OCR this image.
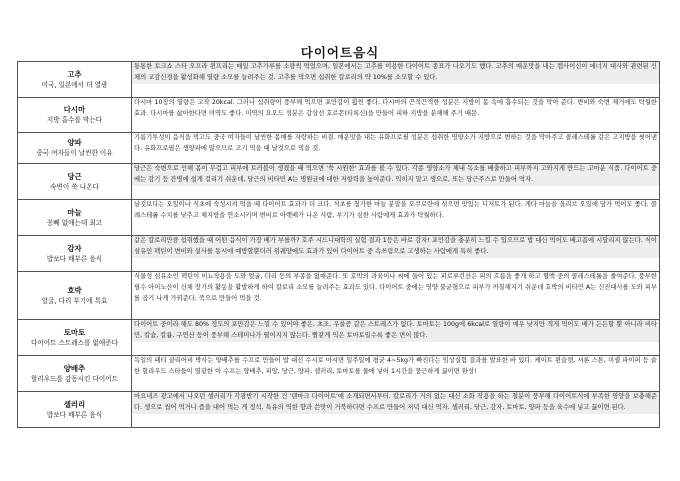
다이어트음식
고추
미국, 일본에서 더 열광	통통한 토크쇼 스타 오프라 윈프리는 매일 고추가루를 소량씩 먹었으며, 일본에서는 고추를 이용한 다이어트 종표가 나오기도 했다. 고추의 매운맛을 내는 캡사이신이 에너지 대사와 관련된 신체의 교감신경을 활성화해 열량 소모를 늘려주는 것. 고추를 먹으면 섭취한 칼로리의 약 10%를 소모할 수 있다.

다시마
지방 흡수를 막는다	다시마 10장의 열량은 고작 20kcal. 그러나 섭취량이 풍부해 먹으면 포만감이 훨씬 좋다. 다시마의 끈적끈적한 성분은 지방이 몸 속에 흡수되는 것을 막아 준다. 변비와 숙변 제거에도 탁월한 효과. 다시마를 삶아한다면 미역도 좋다. 미역의 요오드 성분은 갑상선 호르몬(티록신)을 만들어 피하 지방을 분해해 주기 때문.

양파
중국 여자들이 날씬한 이유	기름기투성이 음식을 먹고도 중국 여자들이 날씬한 몸매를 자랑하는 비결. 매운맛을 내는 유화프로필 성분은 섭취한 영양소가 지방으로 변하는 것을 막아주고 콜레스테롤 같은 고지방을 씻어낸다. 유화프로필은 생양파에 많으므로 고기 먹을 때 날것으로 먹을 것.

당근
숙변이 쑥 나온다	당근은 숙변으로 인해 몸이 무겁고 피부에 트러블이 생겼을 때 먹으면 '쑥 시원한' 효과를 볼 수 있다. 각종 영양소가 체내 독소를 배출하고 피부까지 고와지게 만드는 고마운 식품. 다이어트 중에는 감기 등 잔병에 쉽게 걸리기 쉬운데, 당근의 비타민 A는 병원균에 대한 저항력을 높여준다. 익히지 말고 생으로, 또는 당근주스로 만들어 먹자.

마늘
꽁빼 없애는데 최고	날것보다는 오일이나 식초에 숙성시켜 먹을 때 다이어트 효과가 더 크다. 식초를 첨가한 마늘 분말을 오쿠로란에 섞으면 맛있는 디저트가 된다. 게다 마늘을 올리브 오일에 담가 먹어도 좋다. 콜레스테롤 수치를 낮추고 체지방을 연소시키며 변비로 아랫배가 나온 사람, 부기가 심한 사람에게 효과가 탁월하다.

감자
밥보다 배부른 음식	같은 칼로리만큼 섭취했을 때 어떤 음식이 가장 배가 부를까? 호주 시드니대학의 실험 결과 1등은 바로 감자! 포만감을 충분히 느낄 수 있으므로 밥 대신 먹어도 배고픔에 시달리지 않는다. 식이섬유인 펙틴이 변비와 설사를 동시에 예방할뿐더러 위궤양에도 효과가 있어 다이어트 중 속쓰림으로 고생하는 사람에게 특히 좋다.

호박
얼굴, 다리 부기에 특효	식물성 섬유소인 펙틴이 이뇨작용을 도와 얼굴, 다리 등의 부종을 없애준다. 또 호박의 과육이나 씨에 들어 있는 피로루린산은 피의 흐름을 좋게 하고 혈액 중의 콜레스테롤을 줄여준다. 풍부한 필수 아미노산이 신체 장기의 활동을 활발하게 하여 칼로리 소모를 늘려주는 효과도 있다. 다이어트 중에는 영양 불균형으로 피부가 까칠해지기 쉬운데 호박의 비타민 A는 신진대사를 도와 피부를 곱기 나게 가꿔준다. 죽으로 만들어 먹을 것.

토마토
다이어트 스트레스를 없애준다	다이어트 중이라 해도 80% 정도의 포만감은 느낄 수 있어야 좋은, 초조, 우울증 같은 스트레스가 없다. 토마토는 100g에 6kcal로 열량이 매우 낮지만 적게 먹어도 배가 든든할 뿐 아니라 비타민, 칼슘, 칼륨, 구연산 등이 풍부해 스테미나가 떨어지지 않는다. 빨갛게 익은 토마토일수록 좋은 면이 많다.

양배추
할리우드를 감동시킨 다이어트	독일의 패티 클리어비 박사는 양배추를 수프로 만들어 밥 대신 수시로 마시면 일주일에 평균 4~5kg가 빠진다는 임상실험 결과를 발표한 바 있다. 케이트 윈슬렛, 셔론 스톤, 미셸 파이퍼 등 숱한 할리우드 스타들이 열광한 이 수프는 양배추, 피망, 당근, 양파, 셀러리, 토마토를 물에 넣어 1시간을 뭉근하게 끓이면 완성!

셀러리
밥보다 배부른 음식	마요네즈 광고에서 나오던 셀러리가 각광받기 시작한 건 '덴마크 다이어트'에 소개되면서부터. 칼로리가 거의 없는 대신 소화 작용을 하는 철분이 풍부해 다이어트식에 부족한 영양을 보충해준다. 생으로 씹어 먹거나 즙을 내어 먹는 게 정석. 특유의 역한 향과 쓴맛이 거북하다면 수프로 만들어 저녁 대신 먹자. 셀러리, 당근, 감자, 토마토, 양파 등을 육수에 넣고 끓이면 된다.
